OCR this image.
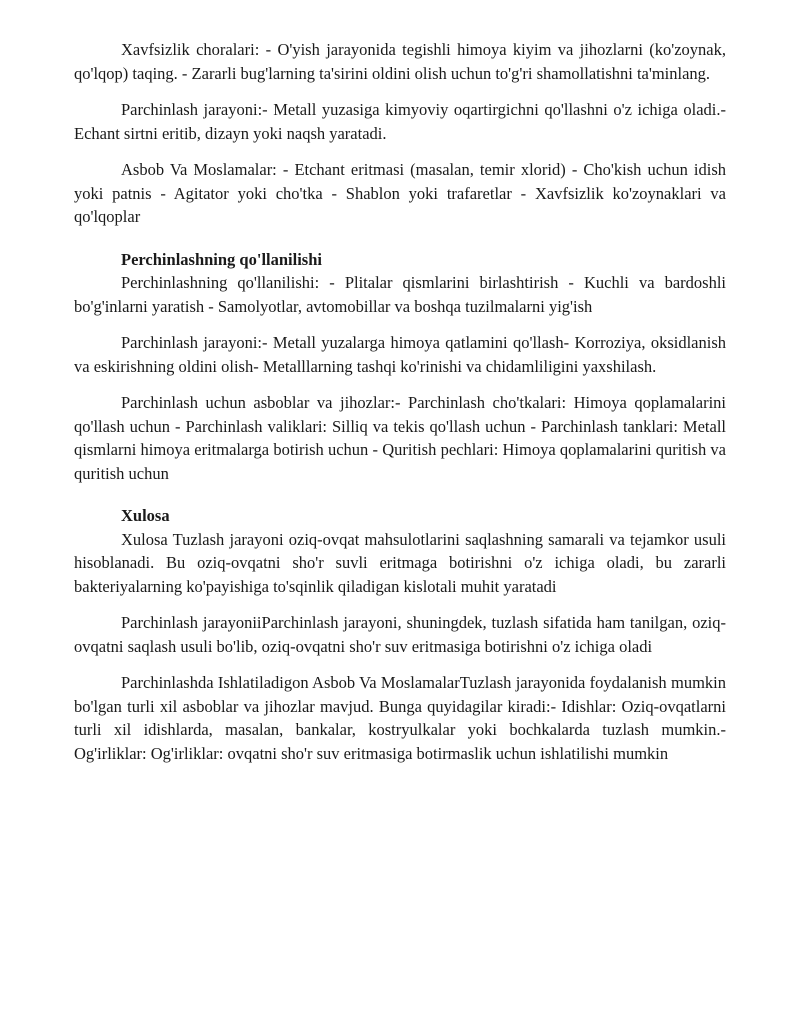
Xavfsizlik choralari: - O'yish jarayonida tegishli himoya kiyim va jihozlarni (ko'zoynak, qo'lqop) taqing. - Zararli bug'larning ta'sirini oldini olish uchun to'g'ri shamollatishni ta'minlang.

Parchinlash jarayoni:- Metall yuzasiga kimyoviy oqartirgichni qo'llashni o'z ichiga oladi.- Echant sirtni eritib, dizayn yoki naqsh yaratadi.

Asbob Va Moslamalar: - Etchant eritmasi (masalan, temir xlorid) - Cho'kish uchun idish yoki patnis - Agitator yoki cho'tka - Shablon yoki trafaretlar - Xavfsizlik ko'zoynaklari va qo'lqoplar

Perchinlashning qo'llanilishi

Perchinlashning qo'llanilishi: - Plitalar qismlarini birlashtirish - Kuchli va bardoshli bo'g'inlarni yaratish - Samolyotlar, avtomobillar va boshqa tuzilmalarni yig'ish

Parchinlash jarayoni:- Metall yuzalarga himoya qatlamini qo'llash- Korroziya, oksidlanish va eskirishning oldini olish- Metalllarning tashqi ko'rinishi va chidamliligini yaxshilash.

Parchinlash uchun asboblar va jihozlar:- Parchinlash cho'tkalari: Himoya qoplamalarini qo'llash uchun - Parchinlash valiklari: Silliq va tekis qo'llash uchun - Parchinlash tanklari: Metall qismlarni himoya eritmalarga botirish uchun - Quritish pechlari: Himoya qoplamalarini quritish va quritish uchun

Xulosa

Xulosa Tuzlash jarayoni oziq-ovqat mahsulotlarini saqlashning samarali va tejamkor usuli hisoblanadi. Bu oziq-ovqatni sho'r suvli eritmaga botirishni o'z ichiga oladi, bu zararli bakteriyalarning ko'payishiga to'sqinlik qiladigan kislotali muhit yaratadi

Parchinlash jarayoniiParchinlash jarayoni, shuningdek, tuzlash sifatida ham tanilgan, oziq-ovqatni saqlash usuli bo'lib, oziq-ovqatni sho'r suv eritmasiga botirishni o'z ichiga oladi

Parchinlashda Ishlatiladigon Asbob Va MoslamalarTuzlash jarayonida foydalanish mumkin bo'lgan turli xil asboblar va jihozlar mavjud. Bunga quyidagilar kiradi:- Idishlar: Oziq-ovqatlarni turli xil idishlarda, masalan, bankalar, kostryulkalar yoki bochkalarda tuzlash mumkin.- Og'irliklar: Og'irliklar: ovqatni sho'r suv eritmasiga botirmaslik uchun ishlatilishi mumkin
